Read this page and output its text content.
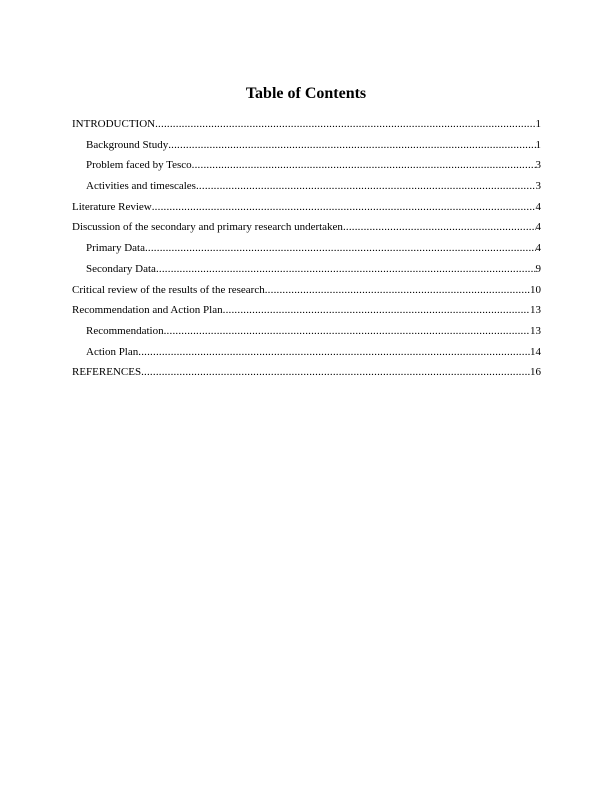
Table of Contents
INTRODUCTION .....	1
Background Study .....	1
Problem faced by Tesco .....	3
Activities and timescales .....	3
Literature Review .....	4
Discussion of the secondary and primary research undertaken .....	4
Primary Data .....	4
Secondary Data .....	9
Critical review of the results of the research .....	10
Recommendation and Action Plan .....	13
Recommendation .....	13
Action Plan .....	14
REFERENCES .....	16
